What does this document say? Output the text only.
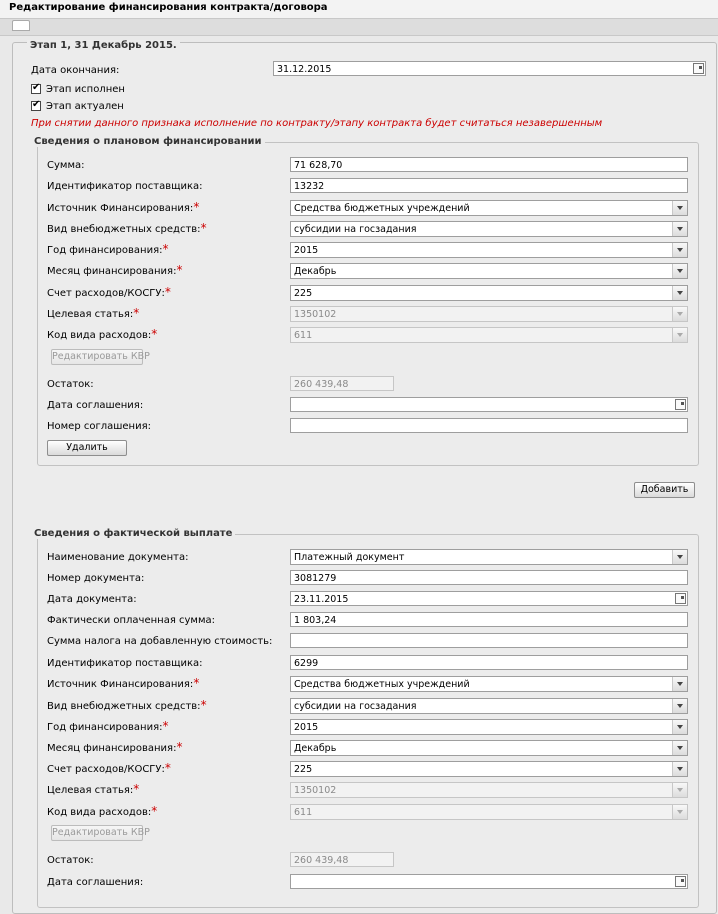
Редактирование финансирования контракта/договора
Этап 1, 31 Декабрь 2015.
Дата окончания:	31.12.2015
✔
Этап исполнен
✔
Этап актуален
При снятии данного признака исполнение по контракту/этапу контракта будет считаться незавершенным
Сведения о плановом финансировании
Сумма:	71 628,70
Идентификатор поставщика:	13232
Источник Финансирования:*	Средства бюджетных учреждений
Вид внебюджетных средств:*	субсидии на госзадания
Год финансирования:*	2015
Месяц финансирования:*	Декабрь
Счет расходов/КОСГУ:*	225
Целевая статья:*	1350102
Код вида расходов:*	611
Редактировать КВР
Остаток:	260 439,48
Дата соглашения:
Номер соглашения:
Удалить
Добавить
Сведения о фактической выплате
Наименование документа:	Платежный документ
Номер документа:	3081279
Дата документа:	23.11.2015
Фактически оплаченная сумма:	1 803,24
Сумма налога на добавленную стоимость:
Идентификатор поставщика:	6299
Источник Финансирования:*	Средства бюджетных учреждений
Вид внебюджетных средств:*	субсидии на госзадания
Год финансирования:*	2015
Месяц финансирования:*	Декабрь
Счет расходов/КОСГУ:*	225
Целевая статья:*	1350102
Код вида расходов:*	611
Редактировать КВР
Остаток:	260 439,48
Дата соглашения:
